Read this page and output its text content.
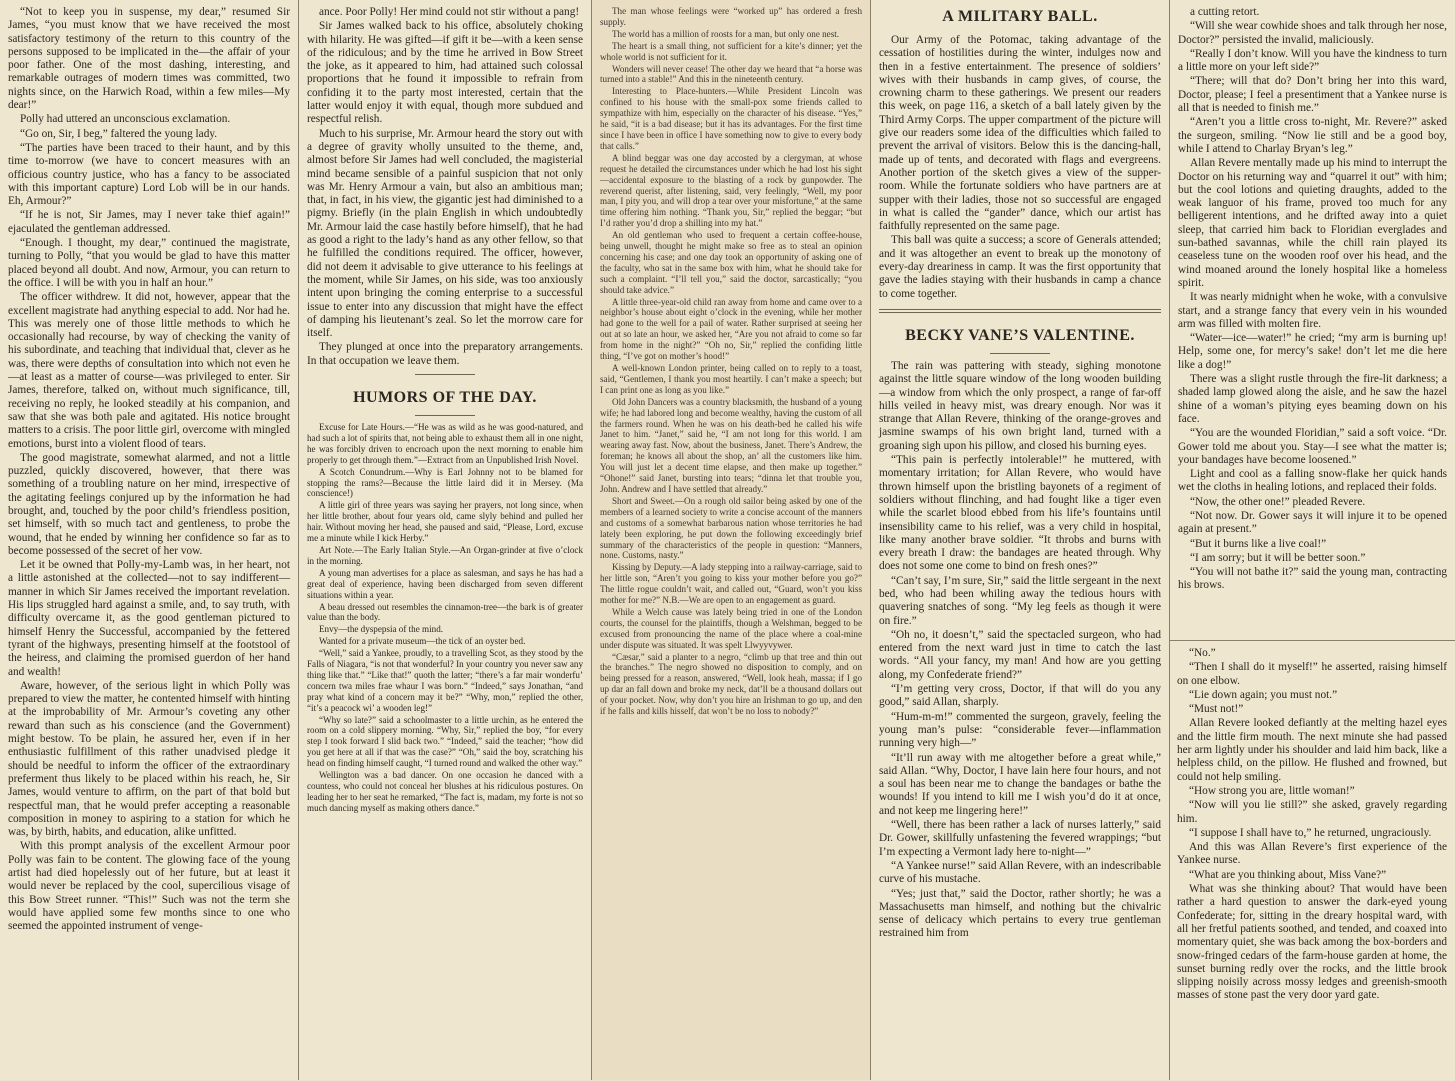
“Not to keep you in suspense, my dear,” resumed Sir James, “you must know that we have received the most satisfactory testimony of the return to this country of the persons supposed to be implicated in the—the affair of your poor father. One of the most dashing, interesting, and remarkable outrages of modern times was committed, two nights since, on the Harwich Road, within a few miles—My dear!”

Polly had uttered an unconscious exclamation.

“Go on, Sir, I beg,” faltered the young lady.

“The parties have been traced to their haunt, and by this time to-morrow (we have to concert measures with an officious country justice, who has a fancy to be associated with this important capture) Lord Lob will be in our hands. Eh, Armour?”

“If he is not, Sir James, may I never take thief again!” ejaculated the gentleman addressed.

“Enough. I thought, my dear,” continued the magistrate, turning to Polly, “that you would be glad to have this matter placed beyond all doubt. And now, Armour, you can return to the office. I will be with you in half an hour.”

The officer withdrew. It did not, however, appear that the excellent magistrate had anything especial to add. Nor had he. This was merely one of those little methods to which he occasionally had recourse, by way of checking the vanity of his subordinate, and teaching that individual that, clever as he was, there were depths of consultation into which not even he—at least as a matter of course—was privileged to enter. Sir James, therefore, talked on, without much significance, till, receiving no reply, he looked steadily at his companion, and saw that she was both pale and agitated. His notice brought matters to a crisis. The poor little girl, overcome with mingled emotions, burst into a violent flood of tears.

The good magistrate, somewhat alarmed, and not a little puzzled, quickly discovered, however, that there was something of a troubling nature on her mind, irrespective of the agitating feelings conjured up by the information he had brought, and, touched by the poor child’s friendless position, set himself, with so much tact and gentleness, to probe the wound, that he ended by winning her confidence so far as to become possessed of the secret of her vow.

Let it be owned that Polly-my-Lamb was, in her heart, not a little astonished at the collected—not to say indifferent—manner in which Sir James received the important revelation. His lips struggled hard against a smile, and, to say truth, with difficulty overcame it, as the good gentleman pictured to himself Henry the Successful, accompanied by the fettered tyrant of the highways, presenting himself at the footstool of the heiress, and claiming the promised guerdon of her hand and wealth!

Aware, however, of the serious light in which Polly was prepared to view the matter, he contented himself with hinting at the improbability of Mr. Armour’s coveting any other reward than such as his conscience (and the Government) might bestow. To be plain, he assured her, even if in her enthusiastic fulfillment of this rather unadvised pledge it should be needful to inform the officer of the extraordinary preferment thus likely to be placed within his reach, he, Sir James, would venture to affirm, on the part of that bold but respectful man, that he would prefer accepting a reasonable composition in money to aspiring to a station for which he was, by birth, habits, and education, alike unfitted.

With this prompt analysis of the excellent Armour poor Polly was fain to be content. The glowing face of the young artist had died hopelessly out of her future, but at least it would never be replaced by the cool, supercilious visage of this Bow Street runner. “This!” Such was not the term she would have applied some few months since to one who seemed the appointed instrument of venge-

ance. Poor Polly! Her mind could not stir without a pang!

Sir James walked back to his office, absolutely choking with hilarity. He was gifted—if gift it be—with a keen sense of the ridiculous; and by the time he arrived in Bow Street the joke, as it appeared to him, had attained such colossal proportions that he found it impossible to refrain from confiding it to the party most interested, certain that the latter would enjoy it with equal, though more subdued and respectful relish.

Much to his surprise, Mr. Armour heard the story out with a degree of gravity wholly unsuited to the theme, and, almost before Sir James had well concluded, the magisterial mind became sensible of a painful suspicion that not only was Mr. Henry Armour a vain, but also an ambitious man; that, in fact, in his view, the gigantic jest had diminished to a pigmy. Briefly (in the plain English in which undoubtedly Mr. Armour laid the case hastily before himself), that he had as good a right to the lady’s hand as any other fellow, so that he fulfilled the conditions required. The officer, however, did not deem it advisable to give utterance to his feelings at the moment, while Sir James, on his side, was too anxiously intent upon bringing the coming enterprise to a successful issue to enter into any discussion that might have the effect of damping his lieutenant’s zeal. So let the morrow care for itself.

They plunged at once into the preparatory arrangements. In that occupation we leave them.

HUMORS OF THE DAY.

Excuse for Late Hours.—“He was as wild as he was good-natured, and had such a lot of spirits that, not being able to exhaust them all in one night, he was forcibly driven to encroach upon the next morning to enable him properly to get through them.”—Extract from an Unpublished Irish Novel.

A Scotch Conundrum.—Why is Earl Johnny not to be blamed for stopping the rams?—Because the little laird did it in Mersey. (Ma conscience!)

A little girl of three years was saying her prayers, not long since, when her little brother, about four years old, came slyly behind and pulled her hair. Without moving her head, she paused and said, “Please, Lord, excuse me a minute while I kick Herby.”

Art Note.—The Early Italian Style.—An Organ-grinder at five o’clock in the morning.

A young man advertises for a place as salesman, and says he has had a great deal of experience, having been discharged from seven different situations within a year.

A beau dressed out resembles the cinnamon-tree—the bark is of greater value than the body.

Envy—the dyspepsia of the mind.

Wanted for a private museum—the tick of an oyster bed.

“Well,” said a Yankee, proudly, to a travelling Scot, as they stood by the Falls of Niagara, “is not that wonderful? In your country you never saw any thing like that.” “Like that!” quoth the latter; “there’s a far mair wonderfu’ concern twa miles frae whaur I was born.” “Indeed,” says Jonathan, “and pray what kind of a concern may it be?” “Why, mon,” replied the other, “it’s a peacock wi’ a wooden leg!”

“Why so late?” said a schoolmaster to a little urchin, as he entered the room on a cold slippery morning. “Why, Sir,” replied the boy, “for every step I took forward I slid back two.” “Indeed,” said the teacher; “how did you get here at all if that was the case?” “Oh,” said the boy, scratching his head on finding himself caught, “I turned round and walked the other way.”

Wellington was a bad dancer. On one occasion he danced with a countess, who could not conceal her blushes at his ridiculous postures. On leading her to her seat he remarked, “The fact is, madam, my forte is not so much dancing myself as making others dance.”

The man whose feelings were “worked up” has ordered a fresh supply.

The world has a million of roosts for a man, but only one nest.

The heart is a small thing, not sufficient for a kite’s dinner; yet the whole world is not sufficient for it.

Wonders will never cease! The other day we heard that “a horse was turned into a stable!” And this in the nineteenth century.

Interesting to Place-hunters.—While President Lincoln was confined to his house with the small-pox some friends called to sympathize with him, especially on the character of his disease. “Yes,” he said, “it is a bad disease; but it has its advantages. For the first time since I have been in office I have something now to give to every body that calls.”

A blind beggar was one day accosted by a clergyman, at whose request he detailed the circumstances under which he had lost his sight—accidental exposure to the blasting of a rock by gunpowder. The reverend querist, after listening, said, very feelingly, “Well, my poor man, I pity you, and will drop a tear over your misfortune,” at the same time offering him nothing. “Thank you, Sir,” replied the beggar; “but I’d rather you’d drop a shilling into my hat.”

An old gentleman who used to frequent a certain coffee-house, being unwell, thought he might make so free as to steal an opinion concerning his case; and one day took an opportunity of asking one of the faculty, who sat in the same box with him, what he should take for such a complaint. “I’ll tell you,” said the doctor, sarcastically; “you should take advice.”

A little three-year-old child ran away from home and came over to a neighbor’s house about eight o’clock in the evening, while her mother had gone to the well for a pail of water. Rather surprised at seeing her out at so late an hour, we asked her, “Are you not afraid to come so far from home in the night?” “Oh no, Sir,” replied the confiding little thing, “I’ve got on mother’s hood!”

A well-known London printer, being called on to reply to a toast, said, “Gentlemen, I thank you most heartily. I can’t make a speech; but I can print one as long as you like.”

Old John Dancers was a country blacksmith, the husband of a young wife; he had labored long and become wealthy, having the custom of all the farmers round. When he was on his death-bed he called his wife Janet to him. “Janet,” said he, “I am not long for this world. I am wearing away fast. Now, about the business, Janet. There’s Andrew, the foreman; he knows all about the shop, an’ all the customers like him. You will just let a decent time elapse, and then make up together.” “Ohone!” said Janet, bursting into tears; “dinna let that trouble you, John. Andrew and I have settled that already.”

Short and Sweet.—On a rough old sailor being asked by one of the members of a learned society to write a concise account of the manners and customs of a somewhat barbarous nation whose territories he had lately been exploring, he put down the following exceedingly brief summary of the characteristics of the people in question: “Manners, none. Customs, nasty.”

Kissing by Deputy.—A lady stepping into a railway-carriage, said to her little son, “Aren’t you going to kiss your mother before you go?” The little rogue couldn’t wait, and called out, “Guard, won’t you kiss mother for me?” N.B.—We are open to an engagement as guard.

While a Welch cause was lately being tried in one of the London courts, the counsel for the plaintiffs, though a Welshman, begged to be excused from pronouncing the name of the place where a coal-mine under dispute was situated. It was spelt Llwyyvywer.

“Cæsar,” said a planter to a negro, “climb up that tree and thin out the branches.” The negro showed no disposition to comply, and on being pressed for a reason, answered, “Well, look heah, massa; if I go up dar an fall down and broke my neck, dat’ll be a thousand dollars out of your pocket. Now, why don’t you hire an Irishman to go up, and den if he falls and kills hisself, dat won’t be no loss to nobody?”

A MILITARY BALL.

Our Army of the Potomac, taking advantage of the cessation of hostilities during the winter, indulges now and then in a festive entertainment. The presence of soldiers’ wives with their husbands in camp gives, of course, the crowning charm to these gatherings. We present our readers this week, on page 116, a sketch of a ball lately given by the Third Army Corps. The upper compartment of the picture will give our readers some idea of the difficulties which failed to prevent the arrival of visitors. Below this is the dancing-hall, made up of tents, and decorated with flags and evergreens. Another portion of the sketch gives a view of the supper-room. While the fortunate soldiers who have partners are at supper with their ladies, those not so successful are engaged in what is called the “gander” dance, which our artist has faithfully represented on the same page.

This ball was quite a success; a score of Generals attended; and it was altogether an event to break up the monotony of every-day dreariness in camp. It was the first opportunity that gave the ladies staying with their husbands in camp a chance to come together.

BECKY VANE’S VALENTINE.

The rain was pattering with steady, sighing monotone against the little square window of the long wooden building—a window from which the only prospect, a range of far-off hills veiled in heavy mist, was dreary enough. Nor was it strange that Allan Revere, thinking of the orange-groves and jasmine swamps of his own bright land, turned with a groaning sigh upon his pillow, and closed his burning eyes.

“This pain is perfectly intolerable!” he muttered, with momentary irritation; for Allan Revere, who would have thrown himself upon the bristling bayonets of a regiment of soldiers without flinching, and had fought like a tiger even while the scarlet blood ebbed from his life’s fountains until insensibility came to his relief, was a very child in hospital, like many another brave soldier. “It throbs and burns with every breath I draw: the bandages are heated through. Why does not some one come to bind on fresh ones?”

“Can’t say, I’m sure, Sir,” said the little sergeant in the next bed, who had been whiling away the tedious hours with quavering snatches of song. “My leg feels as though it were on fire.”

“Oh no, it doesn’t,” said the spectacled surgeon, who had entered from the next ward just in time to catch the last words. “All your fancy, my man! And how are you getting along, my Confederate friend?”

“I’m getting very cross, Doctor, if that will do you any good,” said Allan, sharply.

“Hum-m-m!” commented the surgeon, gravely, feeling the young man’s pulse: “considerable fever—inflammation running very high—”

“It’ll run away with me altogether before a great while,” said Allan. “Why, Doctor, I have lain here four hours, and not a soul has been near me to change the bandages or bathe the wounds! If you intend to kill me I wish you’d do it at once, and not keep me lingering here!”

“Well, there has been rather a lack of nurses latterly,” said Dr. Gower, skillfully unfastening the fevered wrappings; “but I’m expecting a Vermont lady here to-night—”

“A Yankee nurse!” said Allan Revere, with an indescribable curve of his mustache.

“Yes; just that,” said the Doctor, rather shortly; he was a Massachusetts man himself, and nothing but the chivalric sense of delicacy which pertains to every true gentleman restrained him from

a cutting retort.

“Will she wear cowhide shoes and talk through her nose, Doctor?” persisted the invalid, maliciously.

“Really I don’t know. Will you have the kindness to turn a little more on your left side?”

“There; will that do? Don’t bring her into this ward, Doctor, please; I feel a presentiment that a Yankee nurse is all that is needed to finish me.”

“Aren’t you a little cross to-night, Mr. Revere?” asked the surgeon, smiling. “Now lie still and be a good boy, while I attend to Charlay Bryan’s leg.”

Allan Revere mentally made up his mind to interrupt the Doctor on his returning way and “quarrel it out” with him; but the cool lotions and quieting draughts, added to the weak languor of his frame, proved too much for any belligerent intentions, and he drifted away into a quiet sleep, that carried him back to Floridian everglades and sun-bathed savannas, while the chill rain played its ceaseless tune on the wooden roof over his head, and the wind moaned around the lonely hospital like a homeless spirit.

It was nearly midnight when he woke, with a convulsive start, and a strange fancy that every vein in his wounded arm was filled with molten fire.

“Water—ice—water!” he cried; “my arm is burning up! Help, some one, for mercy’s sake! don’t let me die here like a dog!”

There was a slight rustle through the fire-lit darkness; a shaded lamp glowed along the aisle, and he saw the hazel shine of a woman’s pitying eyes beaming down on his face.

“You are the wounded Floridian,” said a soft voice. “Dr. Gower told me about you. Stay—I see what the matter is; your bandages have become loosened.”

Light and cool as a falling snow-flake her quick hands wet the cloths in healing lotions, and replaced their folds.

“Now, the other one!” pleaded Revere.

“Not now. Dr. Gower says it will injure it to be opened again at present.”

“But it burns like a live coal!”

“I am sorry; but it will be better soon.”

“You will not bathe it?” said the young man, contracting his brows.

“No.”

“Then I shall do it myself!” he asserted, raising himself on one elbow.

“Lie down again; you must not.”

“Must not!”

Allan Revere looked defiantly at the melting hazel eyes and the little firm mouth. The next minute she had passed her arm lightly under his shoulder and laid him back, like a helpless child, on the pillow. He flushed and frowned, but could not help smiling.

“How strong you are, little woman!”

“Now will you lie still?” she asked, gravely regarding him.

“I suppose I shall have to,” he returned, ungraciously.

And this was Allan Revere’s first experience of the Yankee nurse.

“What are you thinking about, Miss Vane?”

What was she thinking about? That would have been rather a hard question to answer the dark-eyed young Confederate; for, sitting in the dreary hospital ward, with all her fretful patients soothed, and tended, and coaxed into momentary quiet, she was back among the box-borders and snow-fringed cedars of the farm-house garden at home, the sunset burning redly over the rocks, and the little brook slipping noisily across mossy ledges and greenish-smooth masses of stone past the very door yard gate.
